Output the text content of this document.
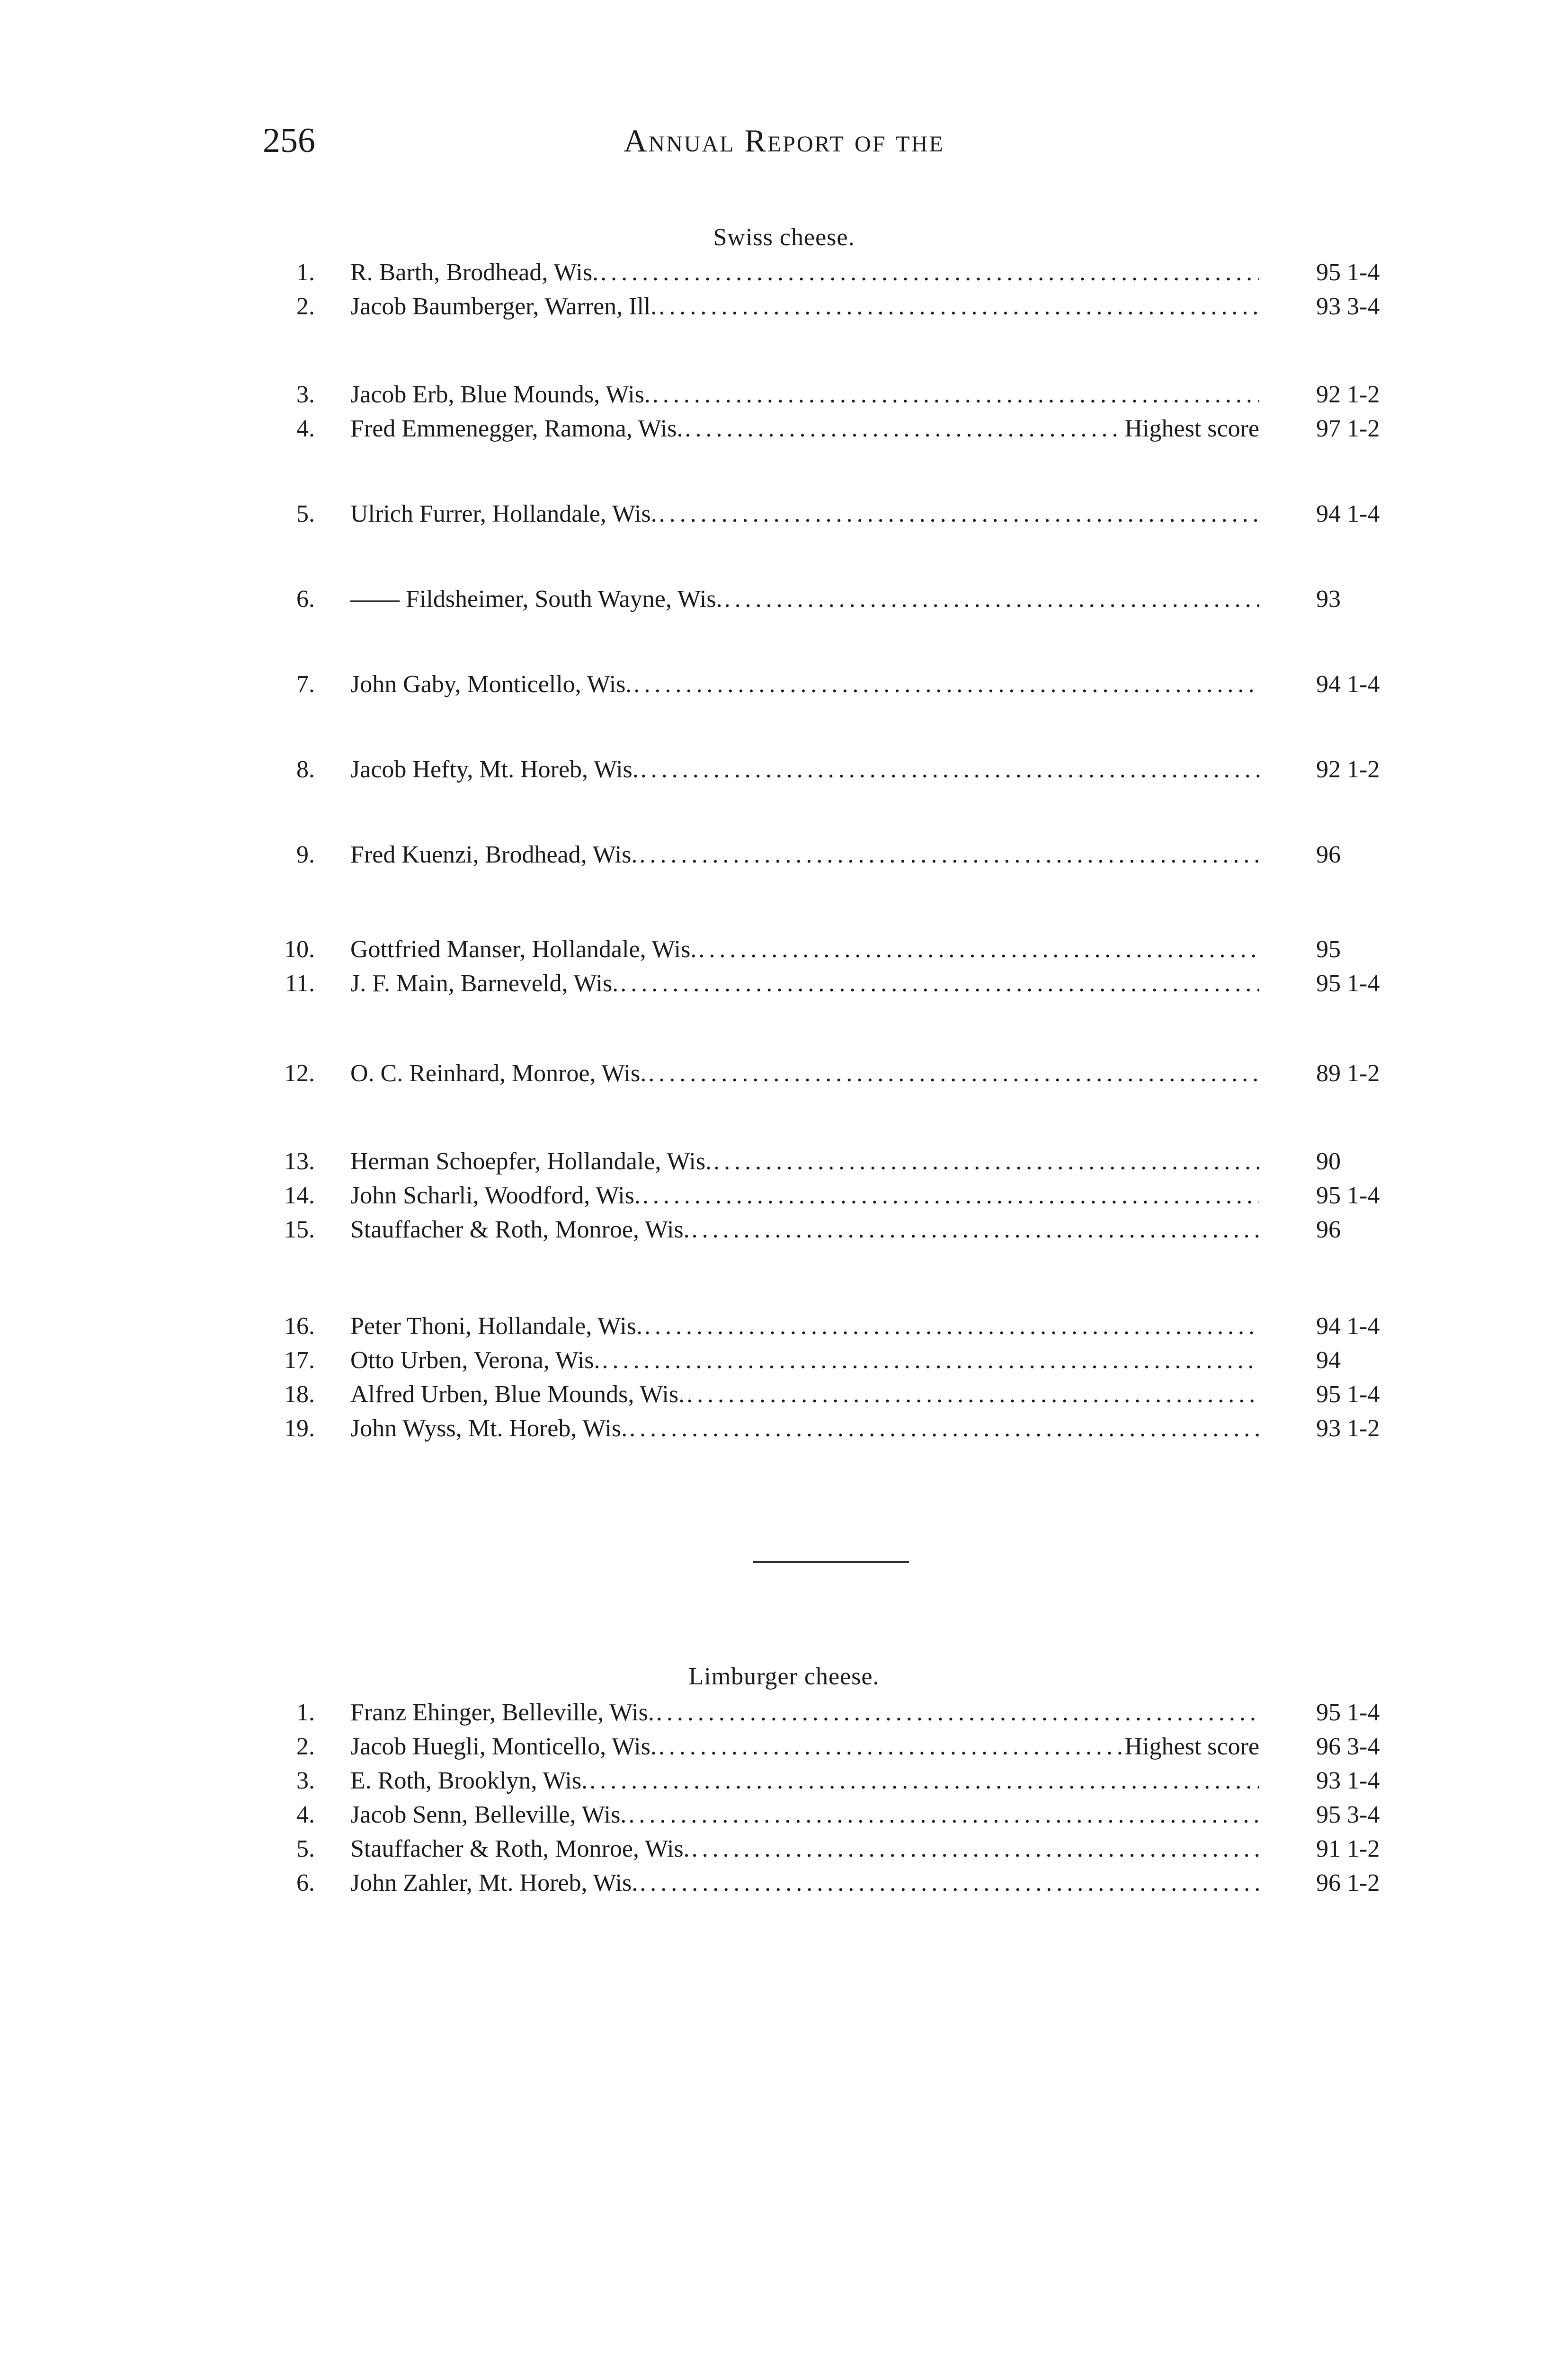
256	Annual Report of the
Swiss cheese.
1. R. Barth, Brodhead, Wis. .....	95 1-4
2. Jacob Baumberger, Warren, Ill. .....	93 3-4
3. Jacob Erb, Blue Mounds, Wis. .....	92 1-2
4. Fred Emmenegger, Ramona, Wis. .....	Highest score 97 1-2
5. Ulrich Furrer, Hollandale, Wis. .....	94 1-4
6. —— Fildsheimer, South Wayne, Wis. .....	93
7. John Gaby, Monticello, Wis. .....	94 1-4
8. Jacob Hefty, Mt. Horeb, Wis. .....	92 1-2
9. Fred Kuenzi, Brodhead, Wis. .....	96
10. Gottfried Manser, Hollandale, Wis. .....	95
11. J. F. Main, Barneveld, Wis. .....	95 1-4
12. O. C. Reinhard, Monroe, Wis. .....	89 1-2
13. Herman Schoepfer, Hollandale, Wis. .....	90
14. John Scharli, Woodford, Wis. .....	95 1-4
15. Stauffacher & Roth, Monroe, Wis. .....	96
16. Peter Thoni, Hollandale, Wis. .....	94 1-4
17. Otto Urben, Verona, Wis. .....	94
18. Alfred Urben, Blue Mounds, Wis. .....	95 1-4
19. John Wyss, Mt. Horeb, Wis. .....	93 1-2
Limburger cheese.
1. Franz Ehinger, Belleville, Wis. .....	95 1-4
2. Jacob Huegli, Monticello, Wis. .....	Highest score 96 3-4
3. E. Roth, Brooklyn, Wis. .....	93 1-4
4. Jacob Senn, Belleville, Wis. .....	95 3-4
5. Stauffacher & Roth, Monroe, Wis. .....	91 1-2
6. John Zahler, Mt. Horeb, Wis. .....	96 1-2
